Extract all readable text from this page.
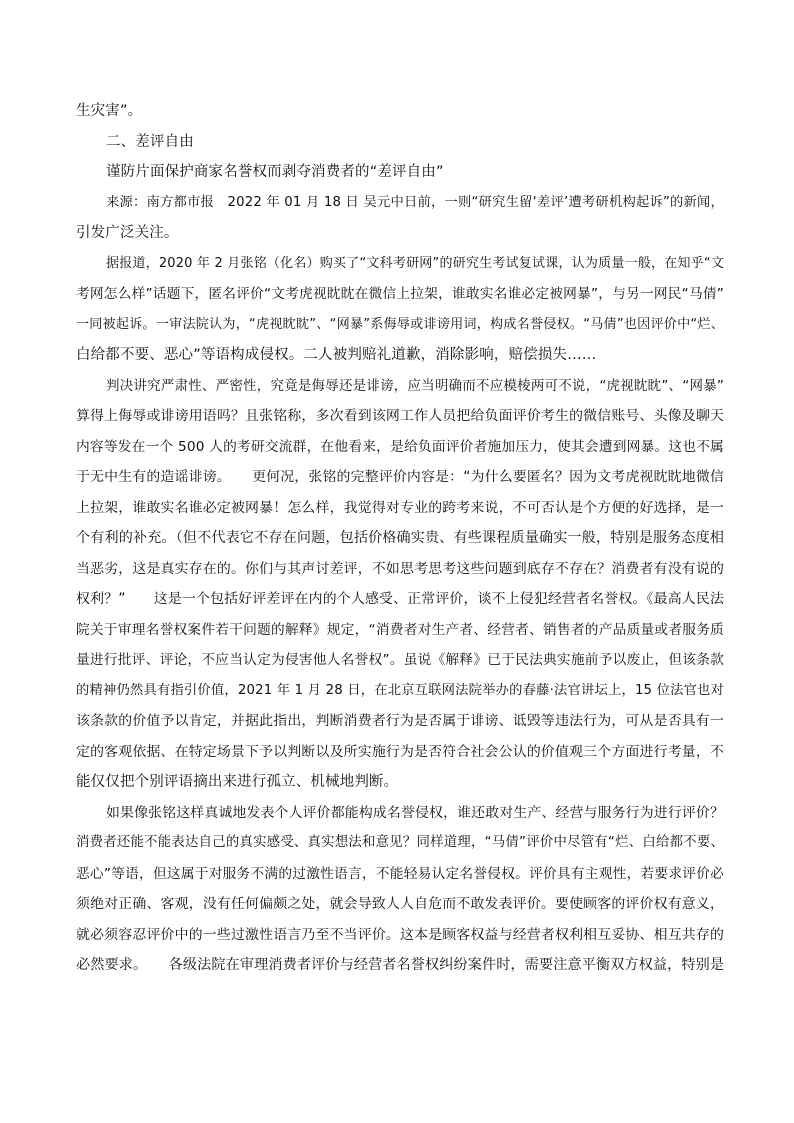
生灾害”。
二、差评自由
谨防片面保护商家名誉权而剥夺消费者的“差评自由”
来源：南方都市报　2022 年 01 月 18 日 吴元中日前，一则“研究生留‘差评’遭考研机构起诉”的新闻，
引发广泛关注。
据报道，2020 年 2 月张铭（化名）购买了“文科考研网”的研究生考试复试课，认为质量一般，在知乎“文
考网怎么样”话题下，匿名评价“文考虎视眈眈在微信上拉架，谁敢实名谁必定被网暴”，与另一网民“马倩”
一同被起诉。一审法院认为，“虎视眈眈”、“网暴”系侮辱或诽谤用词，构成名誉侵权。“马倩”也因评价中“烂、
白给都不要、恶心”等语构成侵权。二人被判赔礼道歉，消除影响，赔偿损失……
判决讲究严肃性、严密性，究竟是侮辱还是诽谤，应当明确而不应模棱两可不说，“虎视眈眈”、“网暴”
算得上侮辱或诽谤用语吗？且张铭称，多次看到该网工作人员把给负面评价考生的微信账号、头像及聊天
内容等发在一个 500 人的考研交流群，在他看来，是给负面评价者施加压力，使其会遭到网暴。这也不属
于无中生有的造谣诽谤。　　更何况，张铭的完整评价内容是：“为什么要匿名？因为文考虎视眈眈地微信
上拉架，谁敢实名谁必定被网暴！怎么样，我觉得对专业的跨考来说，不可否认是个方便的好选择，是一
个有利的补充。（但不代表它不存在问题，包括价格确实贵、有些课程质量确实一般，特别是服务态度相
当恶劣，这是真实存在的。你们与其声讨差评，不如思考思考这些问题到底存不存在？消费者有没有说的
权利？”　　这是一个包括好评差评在内的个人感受、正常评价，谈不上侵犯经营者名誉权。《最高人民法
院关于审理名誉权案件若干问题的解释》规定，“消费者对生产者、经营者、销售者的产品质量或者服务质
量进行批评、评论，不应当认定为侵害他人名誉权”。虽说《解释》已于民法典实施前予以废止，但该条款
的精神仍然具有指引价值，2021 年 1 月 28 日，在北京互联网法院举办的春藤·法官讲坛上，15 位法官也对
该条款的价值予以肯定，并据此指出，判断消费者行为是否属于诽谤、诋毁等违法行为，可从是否具有一
定的客观依据、在特定场景下予以判断以及所实施行为是否符合社会公认的价值观三个方面进行考量，不
能仅仅把个别评语摘出来进行孤立、机械地判断。
如果像张铭这样真诚地发表个人评价都能构成名誉侵权，谁还敢对生产、经营与服务行为进行评价？
消费者还能不能表达自己的真实感受、真实想法和意见？同样道理，“马倩”评价中尽管有“烂、白给都不要、
恶心”等语，但这属于对服务不满的过激性语言，不能轻易认定名誉侵权。评价具有主观性，若要求评价必
须绝对正确、客观，没有任何偏颇之处，就会导致人人自危而不敢发表评价。要使顾客的评价权有意义，
就必须容忍评价中的一些过激性语言乃至不当评价。这本是顾客权益与经营者权利相互妥协、相互共存的
必然要求。　　各级法院在审理消费者评价与经营者名誉权纠纷案件时，需要注意平衡双方权益，特别是
